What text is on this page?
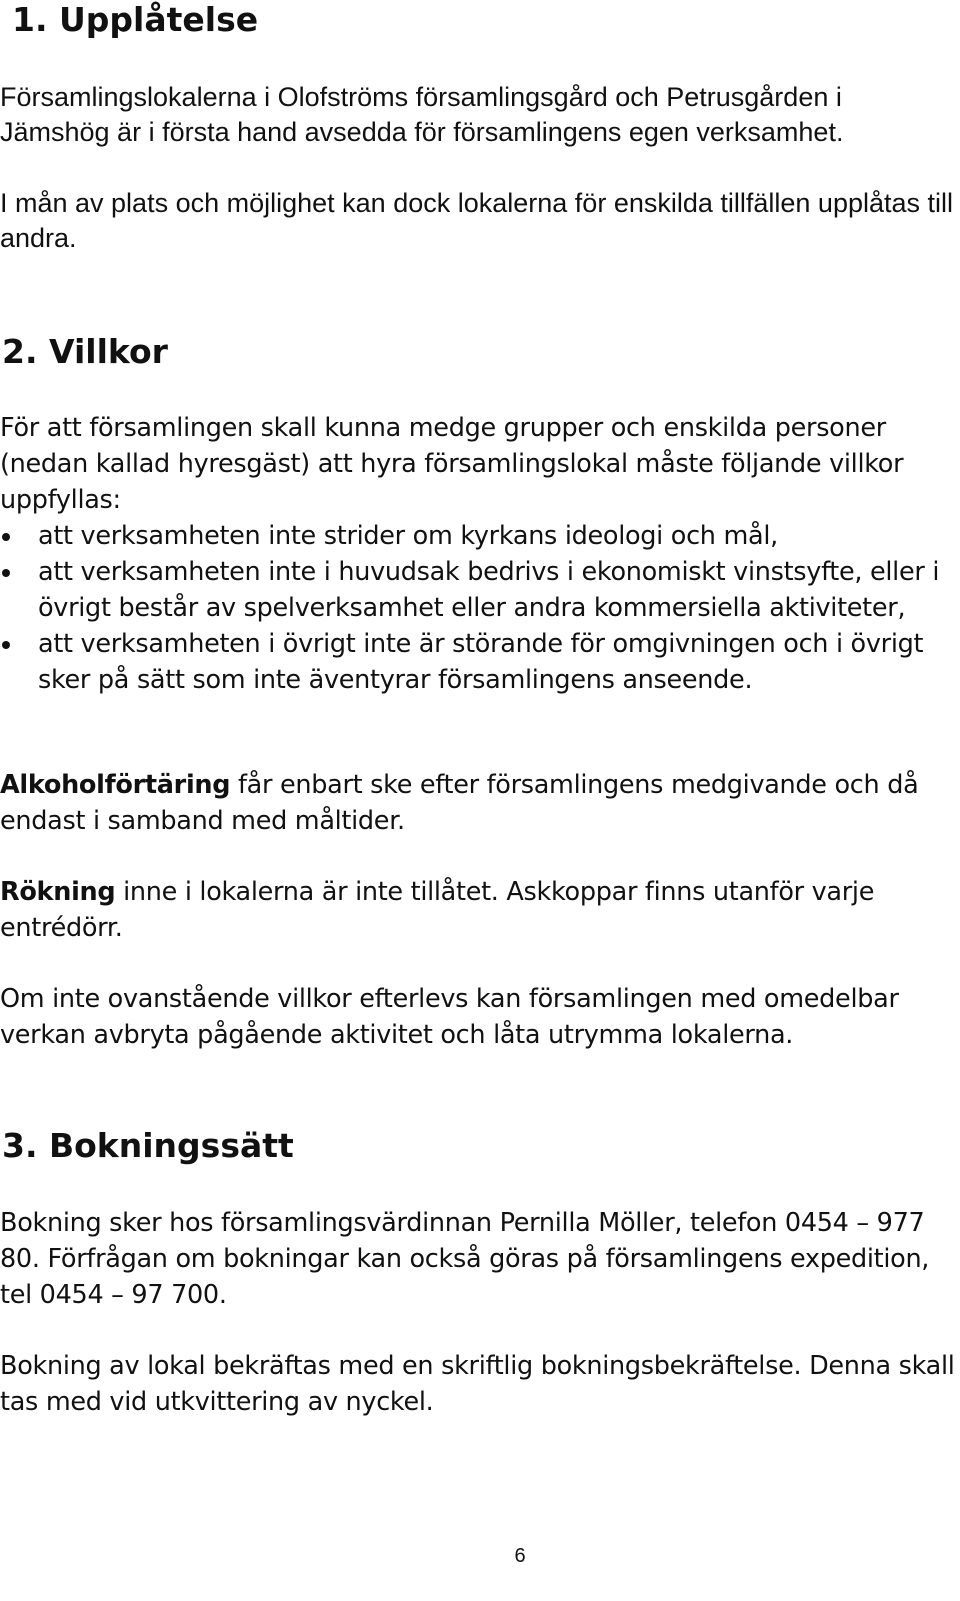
1. Upplåtelse

Församlingslokalerna i Olofströms församlingsgård och Petrusgården i Jämshög är i första hand avsedda för församlingens egen verksamhet.

I mån av plats och möjlighet kan dock lokalerna för enskilda tillfällen upplåtas till andra.

2. Villkor

För att församlingen skall kunna medge grupper och enskilda personer (nedan kallad hyresgäst) att hyra församlingslokal måste följande villkor uppfyllas:

att verksamheten inte strider om kyrkans ideologi och mål,
att verksamheten inte i huvudsak bedrivs i ekonomiskt vinstsyfte, eller i övrigt består av spelverksamhet eller andra kommersiella aktiviteter,
att verksamheten i övrigt inte är störande för omgivningen och i övrigt sker på sätt som inte äventyrar församlingens anseende.

Alkoholförtäring får enbart ske efter församlingens medgivande och då endast i samband med måltider.

Rökning inne i lokalerna är inte tillåtet. Askkoppar finns utanför varje entrédörr.

Om inte ovanstående villkor efterlevs kan församlingen med omedelbar verkan avbryta pågående aktivitet och låta utrymma lokalerna.

3. Bokningssätt

Bokning sker hos församlingsvärdinnan Pernilla Möller, telefon 0454 – 977 80. Förfrågan om bokningar kan också göras på församlingens expedition, tel 0454 – 97 700.

Bokning av lokal bekräftas med en skriftlig bokningsbekräftelse. Denna skall tas med vid utkvittering av nyckel.

6
